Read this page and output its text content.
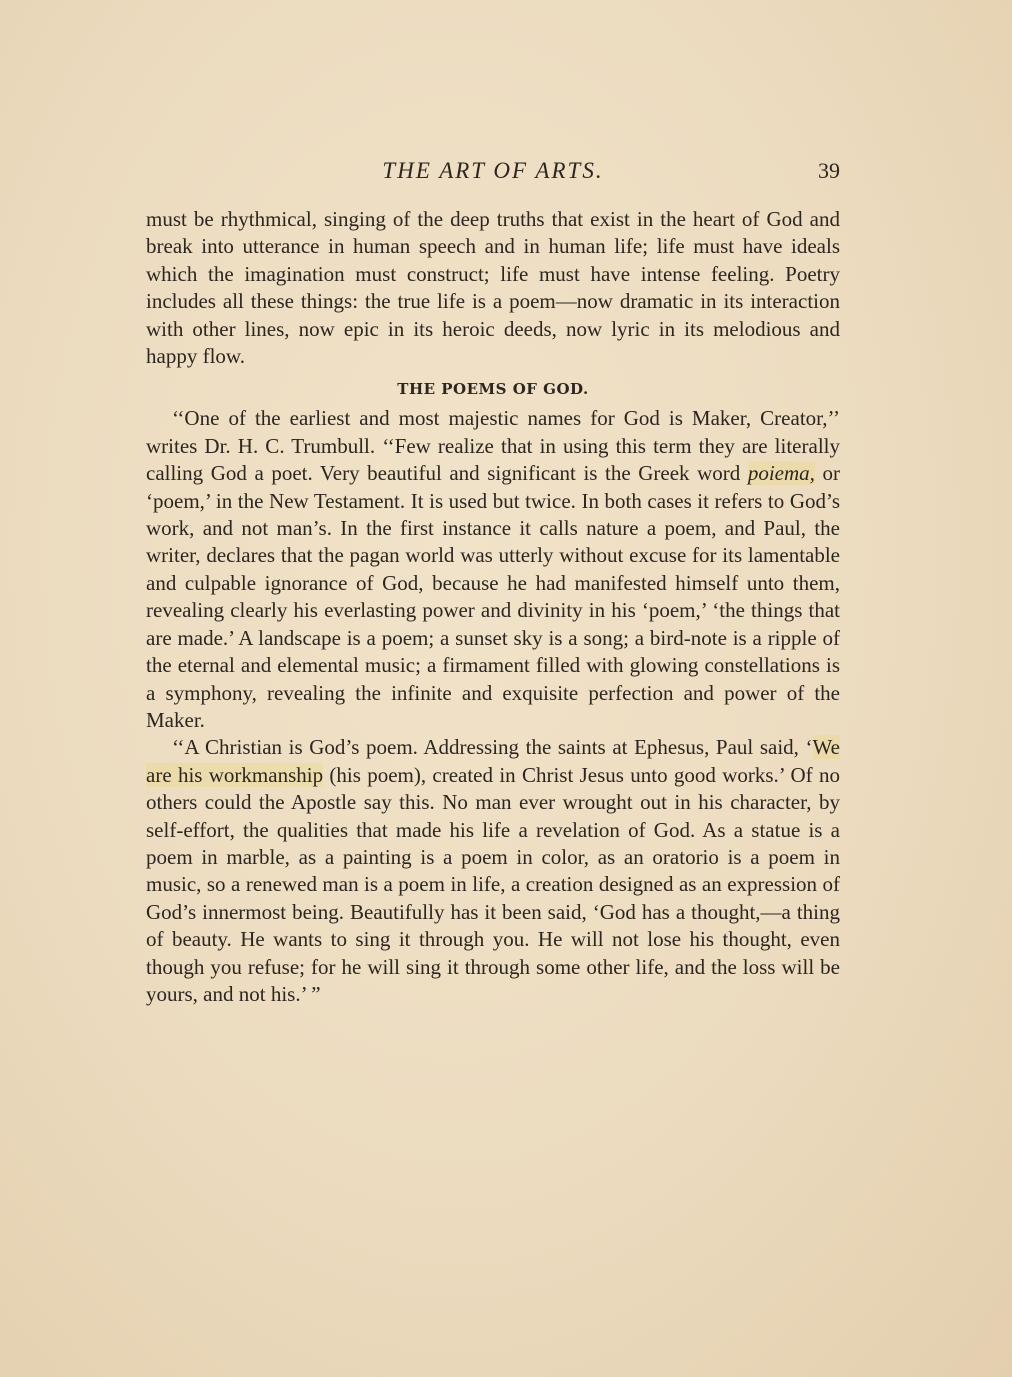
THE ART OF ARTS.	39

must be rhythmical, singing of the deep truths that exist in the heart of God and break into utterance in human speech and in human life; life must have ideals which the imagination must construct; life must have intense feeling. Poetry includes all these things: the true life is a poem—now dramatic in its interaction with other lines, now epic in its heroic deeds, now lyric in its melodious and happy flow.

THE POEMS OF GOD.

‘‘One of the earliest and most majestic names for God is Maker, Creator,’’ writes Dr. H. C. Trumbull. ‘‘Few realize that in using this term they are literally calling God a poet. Very beautiful and significant is the Greek word poiema, or ‘poem,’ in the New Testament. It is used but twice. In both cases it refers to God’s work, and not man’s. In the first instance it calls nature a poem, and Paul, the writer, declares that the pagan world was utterly without excuse for its lamentable and culpable ignorance of God, because he had manifested himself unto them, revealing clearly his everlasting power and divinity in his ‘poem,’ ‘the things that are made.’ A landscape is a poem; a sunset sky is a song; a bird-note is a ripple of the eternal and elemental music; a firmament filled with glowing constellations is a symphony, revealing the infinite and exquisite perfection and power of the Maker.

‘‘A Christian is God’s poem. Addressing the saints at Ephesus, Paul said, ‘We are his workmanship (his poem), created in Christ Jesus unto good works.’ Of no others could the Apostle say this. No man ever wrought out in his character, by self-effort, the qualities that made his life a revelation of God. As a statue is a poem in marble, as a painting is a poem in color, as an oratorio is a poem in music, so a renewed man is a poem in life, a creation designed as an expression of God’s innermost being. Beautifully has it been said, ‘God has a thought,—a thing of beauty. He wants to sing it through you. He will not lose his thought, even though you refuse; for he will sing it through some other life, and the loss will be yours, and not his.’ ”
